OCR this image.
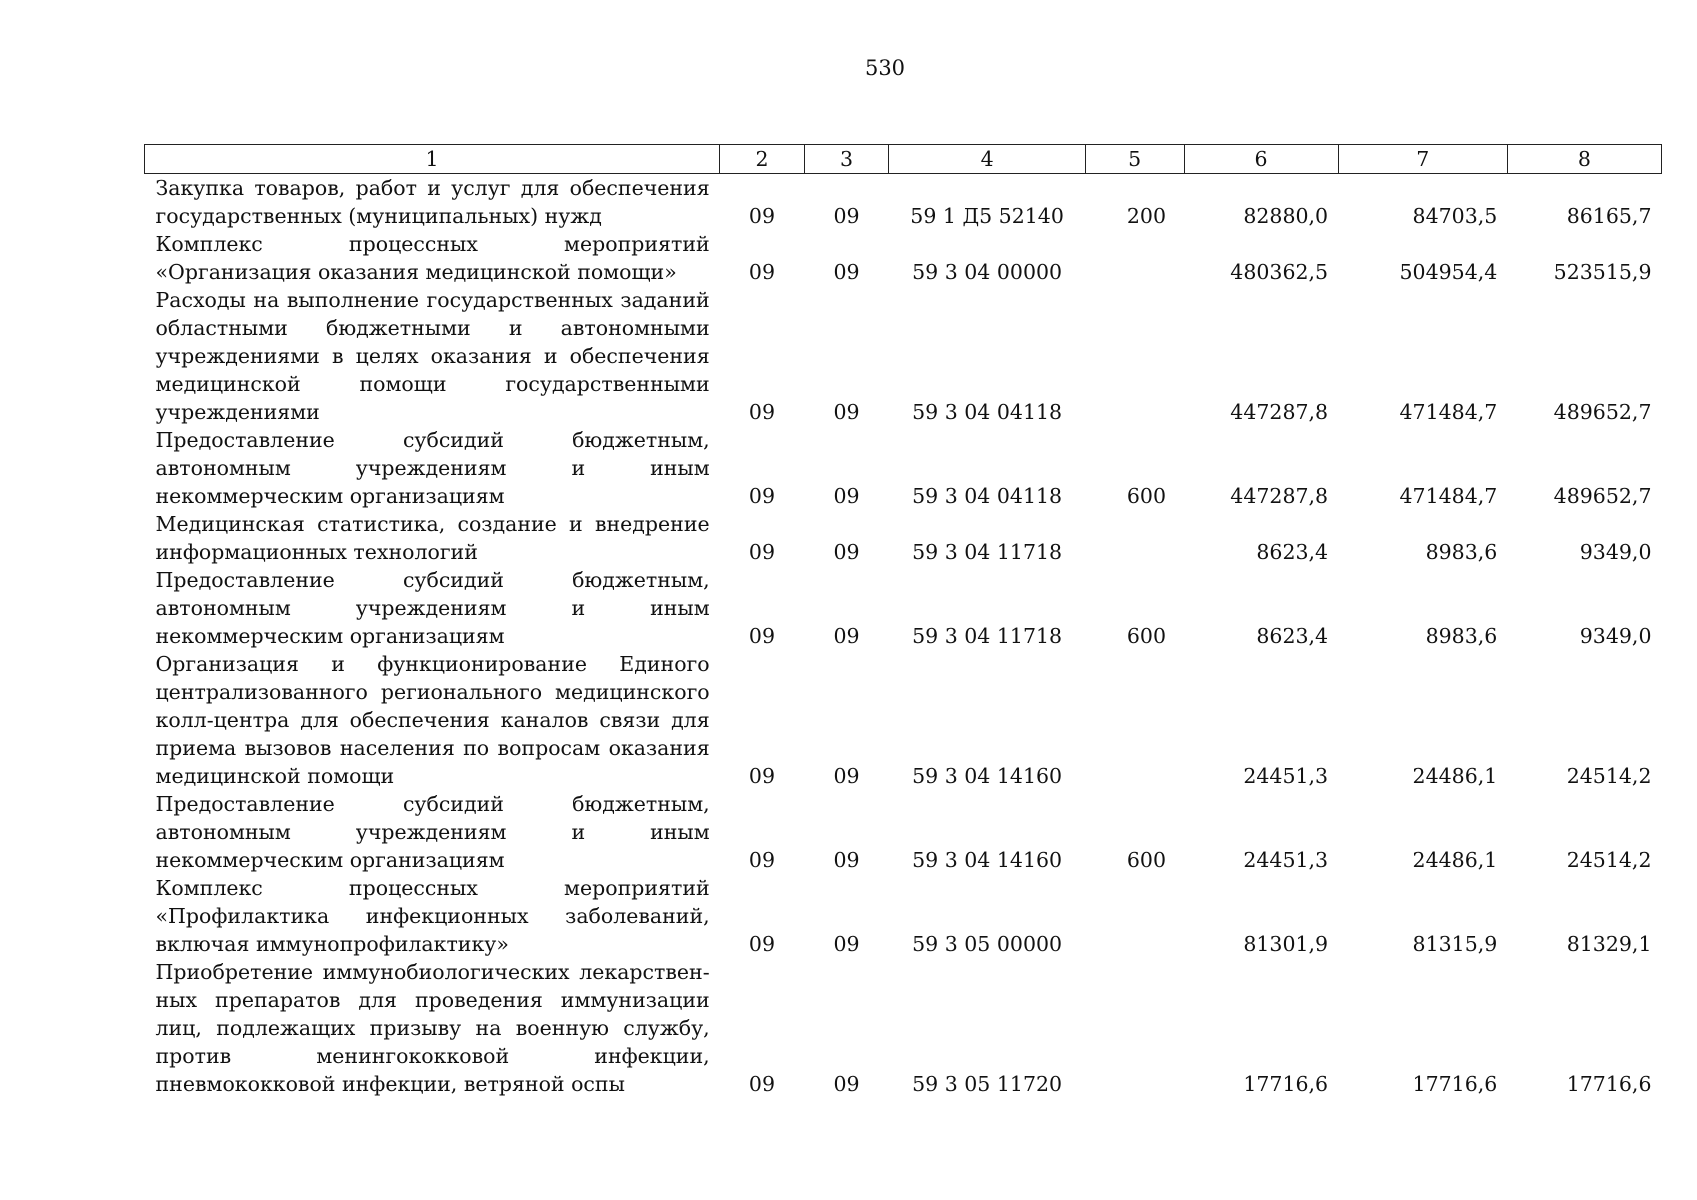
530
1	2	3	4	5	6	7	8
Закупка товаров, работ и услуг для обеспечения государственных (муниципальных) нужд	09	09	59 1 Д5 52140	200	82880,0	84703,5	86165,7
Комплекс процессных мероприятий «Организация оказания медицинской помощи»	09	09	59 3 04 00000		480362,5	504954,4	523515,9
Расходы на выполнение государственных заданий областными бюджетными и автономными учреждениями в целях оказания и обеспечения медицинской помощи государственными учреждениями	09	09	59 3 04 04118		447287,8	471484,7	489652,7
Предоставление субсидий бюджетным, автономным учреждениям и иным некоммерческим организациям	09	09	59 3 04 04118	600	447287,8	471484,7	489652,7
Медицинская статистика, создание и внедрение информационных технологий	09	09	59 3 04 11718		8623,4	8983,6	9349,0
Предоставление субсидий бюджетным, автономным учреждениям и иным некоммерческим организациям	09	09	59 3 04 11718	600	8623,4	8983,6	9349,0
Организация и функционирование Единого централизованного регионального медицинского колл-центра для обеспечения каналов связи для приема вызовов населения по вопросам оказания медицинской помощи	09	09	59 3 04 14160		24451,3	24486,1	24514,2
Предоставление субсидий бюджетным, автономным учреждениям и иным некоммерческим организациям	09	09	59 3 04 14160	600	24451,3	24486,1	24514,2
Комплекс процессных мероприятий «Профилактика инфекционных заболеваний, включая иммунопрофилактику»	09	09	59 3 05 00000		81301,9	81315,9	81329,1
Приобретение иммунобиологических лекарственных препаратов для проведения иммунизации лиц, подлежащих призыву на военную службу, против менингококковой инфекции, пневмококковой инфекции, ветряной оспы	09	09	59 3 05 11720		17716,6	17716,6	17716,6
